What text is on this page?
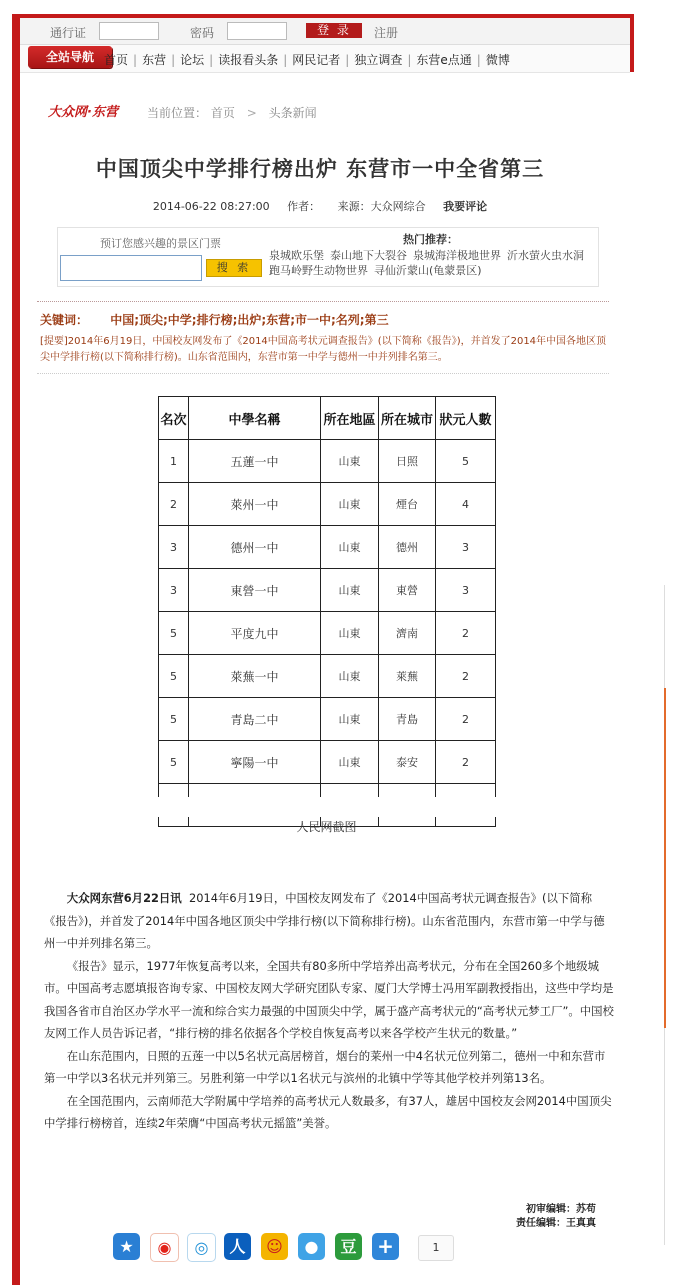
通行证	密码	登 录	注册
全站导航 首页 | 东营 | 论坛 | 读报看头条 | 网民记者 | 独立调查 | 东营e点通 | 微博
大众网·东营 当前位置： 首页 > 头条新闻
中国顶尖中学排行榜出炉 东营市一中全省第三
2014-06-22 08:27:00 作者： 来源：大众网综合 我要评论
预订您感兴趣的景区门票
搜 索
热门推荐：
泉城欧乐堡 泰山地下大裂谷 泉城海洋极地世界 沂水萤火虫水洞跑马岭野生动物世界 寻仙沂蒙山(龟蒙景区)
关键词： 中国;顶尖;中学;排行榜;出炉;东营;市一中;名列;第三
[提要]2014年6月19日，中国校友网发布了《2014中国高考状元调查报告》(以下简称《报告》)，并首发了2014年中国各地区顶尖中学排行榜(以下简称排行榜)。山东省范围内，东营市第一中学与德州一中并列排名第三。
名次	中學名稱	所在地區	所在城市	狀元人數
1	五蓮一中	山東	日照	5
2	萊州一中	山東	煙台	4
3	德州一中	山東	德州	3
3	東營一中	山東	東營	3
5	平度九中	山東	濟南	2
5	萊蕪一中	山東	萊蕪	2
5	青島二中	山東	青島	2
5	寧陽一中	山東	泰安	2

人民网截图

大众网东营6月22日讯 2014年6月19日，中国校友网发布了《2014中国高考状元调查报告》(以下简称《报告》)，并首发了2014年中国各地区顶尖中学排行榜(以下简称排行榜)。山东省范围内，东营市第一中学与德州一中并列排名第三。

《报告》显示，1977年恢复高考以来，全国共有80多所中学培养出高考状元，分布在全国260多个地级城市。中国高考志愿填报咨询专家、中国校友网大学研究团队专家、厦门大学博士冯用军副教授指出，这些中学均是我国各省市自治区办学水平一流和综合实力最强的中国顶尖中学，属于盛产高考状元的“高考状元梦工厂”。中国校友网工作人员告诉记者，“排行榜的排名依据各个学校自恢复高考以来各学校产生状元的数量。”

在山东范围内，日照的五莲一中以5名状元高居榜首，烟台的莱州一中4名状元位列第二，德州一中和东营市第一中学以3名状元并列第三。另胜利第一中学以1名状元与滨州的北镇中学等其他学校并列第13名。

在全国范围内，云南师范大学附属中学培养的高考状元人数最多，有37人，雄居中国校友会网2014中国顶尖中学排行榜榜首，连续2年荣膺“中国高考状元摇篮”美誉。

初审编辑：苏苟
责任编辑：王真真
★	◉	◎	人	☺	●	豆 +	1
